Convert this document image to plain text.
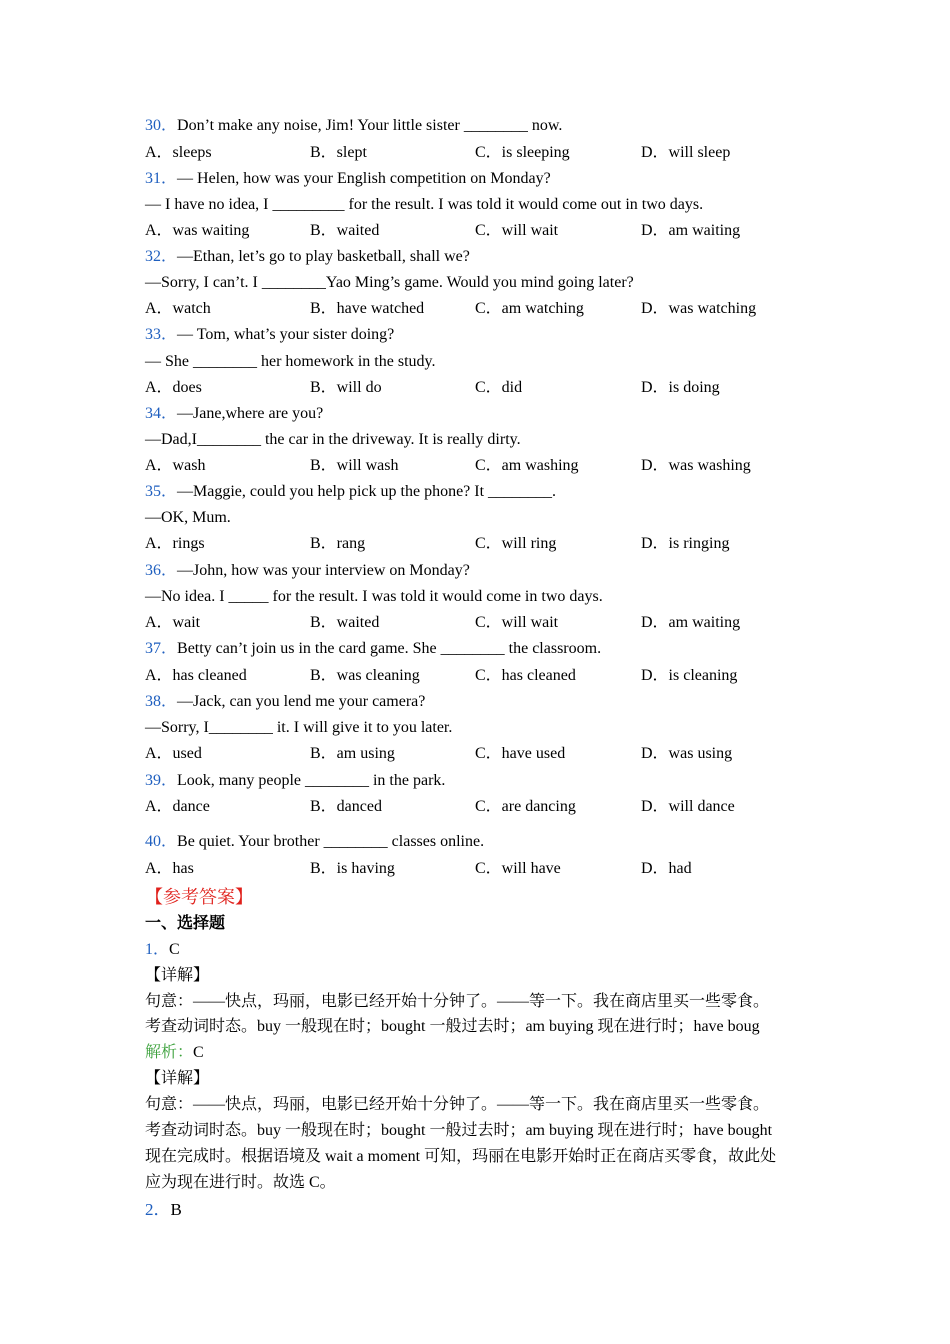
30．Don’t make any noise, Jim! Your little sister ________ now.
A．sleeps	B．slept	C．is sleeping	D．will sleep
31．— Helen, how was your English competition on Monday?
— I have no idea, I _________ for the result. I was told it would come out in two days.
A．was waiting	B．waited	C．will wait	D．am waiting
32．—Ethan, let’s go to play basketball, shall we?
—Sorry, I can’t. I ________Yao Ming’s game. Would you mind going later?
A．watch	B．have watched	C．am watching	D．was watching
33．— Tom, what’s your sister doing?
— She ________ her homework in the study.
A．does	B．will do	C．did	D．is doing
34．—Jane,where are you?
—Dad,I________ the car in the driveway. It is really dirty.
A．wash	B．will wash	C．am washing	D．was washing
35．—Maggie, could you help pick up the phone? It ________.
—OK, Mum.
A．rings	B．rang	C．will ring	D．is ringing
36．—John, how was your interview on Monday?
—No idea. I _____ for the result. I was told it would come in two days.
A．wait	B．waited	C．will wait	D．am waiting
37．Betty can’t join us in the card game. She ________ the classroom.
A．has cleaned	B．was cleaning	C．has cleaned	D．is cleaning
38．—Jack, can you lend me your camera?
—Sorry, I________ it. I will give it to you later.
A．used	B．am using	C．have used	D．was using
39．Look, many people ________ in the park.
A．dance	B．danced	C．are dancing	D．will dance
40．Be quiet. Your brother ________ classes online.
A．has	B．is having	C．will have	D．had
【参考答案】
一、选择题
1．C
【详解】
句意：——快点，玛丽，电影已经开始十分钟了。——等一下。我在商店里买一些零食。
考查动词时态。buy 一般现在时；bought 一般过去时；am buying 现在进行时；have boug
解析：C
【详解】
句意：——快点，玛丽，电影已经开始十分钟了。——等一下。我在商店里买一些零食。
考查动词时态。buy 一般现在时；bought 一般过去时；am buying 现在进行时；have bought
现在完成时。根据语境及 wait a moment 可知，玛丽在电影开始时正在商店买零食，故此处
应为现在进行时。故选 C。
2．B
